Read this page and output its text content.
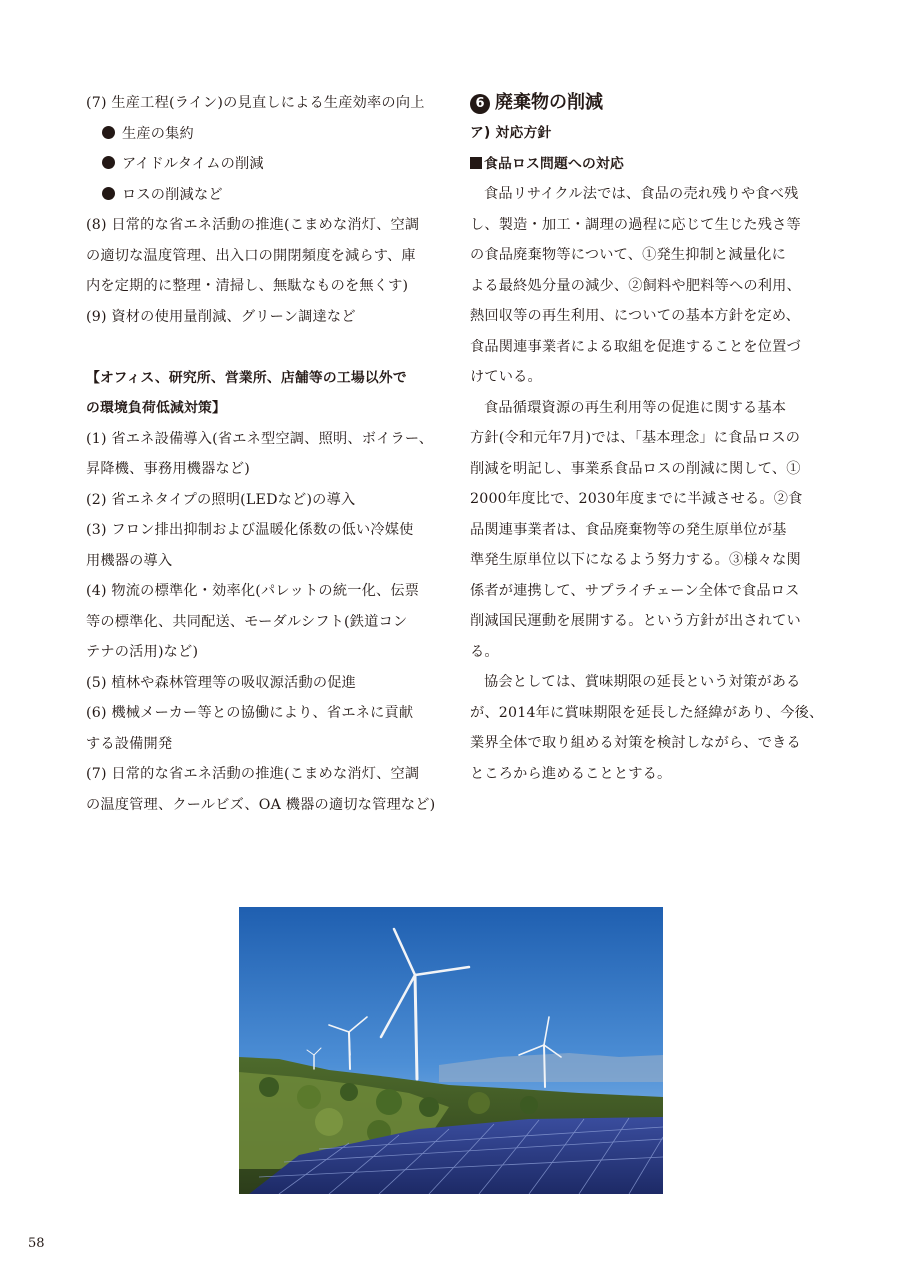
(7) 生産工程(ライン)の見直しによる生産効率の向上
生産の集約
アイドルタイムの削減
ロスの削減など
(8) 日常的な省エネ活動の推進(こまめな消灯、空調
の適切な温度管理、出入口の開閉頻度を減らす、庫
内を定期的に整理・清掃し、無駄なものを無くす)
(9) 資材の使用量削減、グリーン調達など
【オフィス、研究所、営業所、店舗等の工場以外で
の環境負荷低減対策】
(1) 省エネ設備導入(省エネ型空調、照明、ボイラー、
昇降機、事務用機器など)
(2) 省エネタイプの照明(LEDなど)の導入
(3) フロン排出抑制および温暖化係数の低い冷媒使
用機器の導入
(4) 物流の標準化・効率化(パレットの統一化、伝票
等の標準化、共同配送、モーダルシフト(鉄道コン
テナの活用)など)
(5) 植林や森林管理等の吸収源活動の促進
(6) 機械メーカー等との協働により、省エネに貢献
する設備開発
(7) 日常的な省エネ活動の推進(こまめな消灯、空調
の温度管理、クールビズ、OA 機器の適切な管理など)
6 廃棄物の削減
ア) 対応方針
食品ロス問題への対応
食品リサイクル法では、食品の売れ残りや食べ残
し、製造・加工・調理の過程に応じて生じた残さ等
の食品廃棄物等について、①発生抑制と減量化に
よる最終処分量の減少、②飼料や肥料等への利用、
熱回収等の再生利用、についての基本方針を定め、
食品関連事業者による取組を促進することを位置づ
けている。
食品循環資源の再生利用等の促進に関する基本
方針(令和元年7月)では、「基本理念」に食品ロスの
削減を明記し、事業系食品ロスの削減に関して、①
2000年度比で、2030年度までに半減させる。②食
品関連事業者は、食品廃棄物等の発生原単位が基
準発生原単位以下になるよう努力する。③様々な関
係者が連携して、サプライチェーン全体で食品ロス
削減国民運動を展開する。という方針が出されてい
る。
協会としては、賞味期限の延長という対策がある
が、2014年に賞味期限を延長した経緯があり、今後、
業界全体で取り組める対策を検討しながら、できる
ところから進めることとする。
58
